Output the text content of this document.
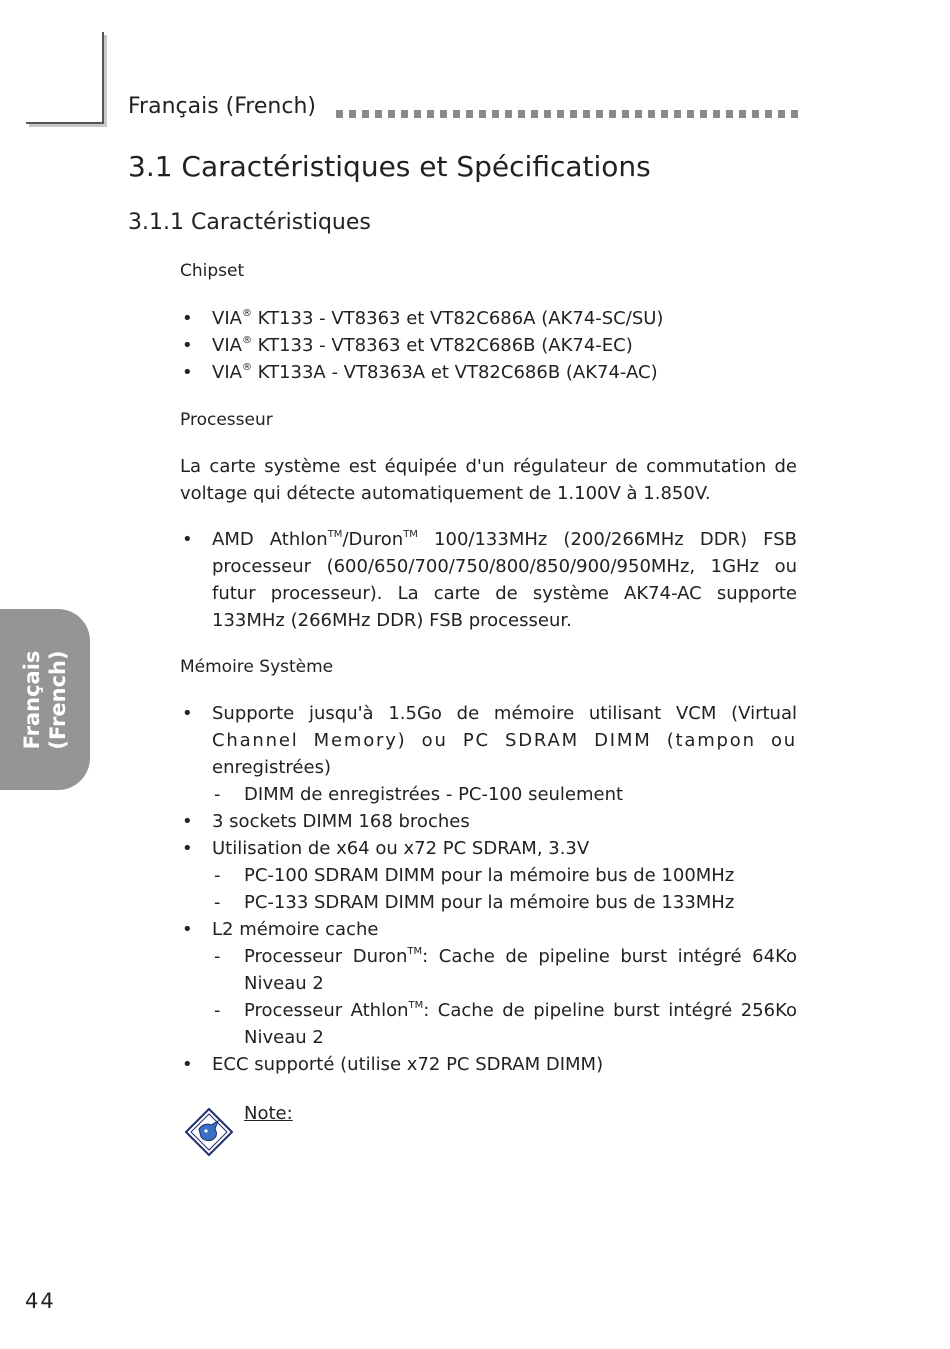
Français (French)
3.1 Caractéristiques et Spécifications
3.1.1 Caractéristiques

Chipset

• VIA® KT133 - VT8363 et VT82C686A (AK74-SC/SU)
• VIA® KT133 - VT8363 et VT82C686B (AK74-EC)
• VIA® KT133A - VT8363A et VT82C686B (AK74-AC)

Processeur

La carte système est équipée d'un régulateur de commutation de voltage qui détecte automatiquement de 1.100V à 1.850V.

• AMD Athlon™/Duron™ 100/133MHz (200/266MHz DDR) FSB processeur (600/650/700/750/800/850/900/950MHz, 1GHz ou futur processeur). La carte de système AK74-AC supporte 133MHz (266MHz DDR) FSB processeur.

Mémoire Système

• Supporte jusqu'à 1.5Go de mémoire utilisant VCM (Virtual
Channel Memory) ou PC SDRAM DIMM (tampon ou
enregistrées)
- DIMM de enregistrées - PC-100 seulement
• 3 sockets DIMM 168 broches
• Utilisation de x64 ou x72 PC SDRAM, 3.3V
- PC-100 SDRAM DIMM pour la mémoire bus de 100MHz
- PC-133 SDRAM DIMM pour la mémoire bus de 133MHz
• L2 mémoire cache
- Processeur Duron™: Cache de pipeline burst intégré 64Ko Niveau 2
- Processeur Athlon™: Cache de pipeline burst intégré 256Ko Niveau 2
• ECC supporté (utilise x72 PC SDRAM DIMM)
Note:
Français (French)
44
